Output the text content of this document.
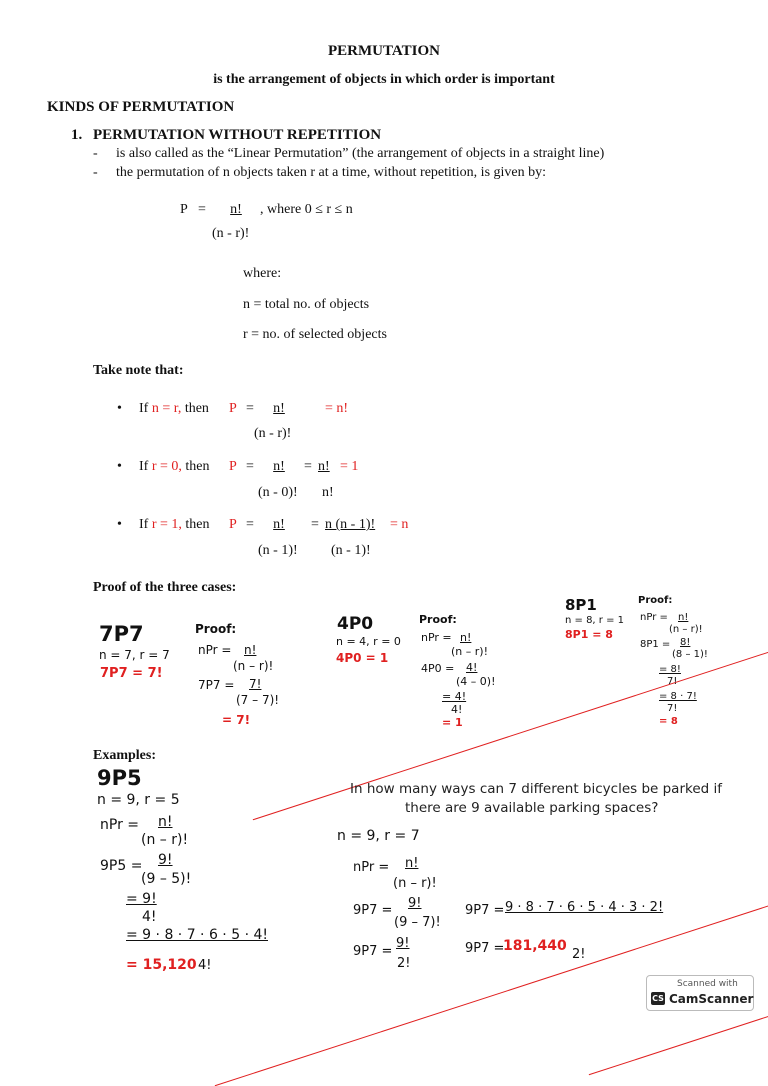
PERMUTATION
is the arrangement of objects in which order is important
KINDS OF PERMUTATION
1. PERMUTATION WITHOUT REPETITION
- is also called as the “Linear Permutation” (the arrangement of objects in a straight line)
- the permutation of n objects taken r at a time, without repetition, is given by:
P =	n!	, where 0 ≤ r ≤ n
(n - r)!
where:
n = total no. of objects
r = no. of selected objects
Take note that:
• If n = r, then P =	n!
(n - r)!
= n!
• If r = 0, then P =	n!
(n - 0)!
= n!
n!
= 1
• If r = 1, then P =	n!
(n - 1)!
= n (n - 1)!
(n - 1)!
= n
Proof of the three cases:
7P7
n = 7, r = 7
7P7 = 7!
Proof:
nPr = n!
(n – r)!
7P7 = 7!
(7 – 7)!
= 7!
4P0
n = 4, r = 0
4P0 = 1
Proof:
nPr = n!
(n – r)!
4P0 = 4!
(4 – 0)!
= 4!
4!
= 1
8P1
n = 8, r = 1
8P1 = 8
Proof:
nPr = n!
(n – r)!
8P1 = 8!
(8 – 1)!
= 8!
7!
= 8 · 7!
7!
= 8
Examples:
9P5
n = 9, r = 5
nPr = n!
(n – r)!
9P5 = 9!
(9 – 5)!
= 9!
4!
= 9 · 8 · 7 · 6 · 5 · 4!
4!
= 15,120
In how many ways can 7 different bicycles be parked if
there are 9 available parking spaces?
n = 9, r = 7
nPr = n!
(n – r)!
9P7 = 9!
(9 – 7)!
9P7 =
9!
2!
9P7 = 9 · 8 · 7 · 6 · 5 · 4 · 3 · 2!
2!
9P7 =
181,440
Scanned with
CS CamScanner
